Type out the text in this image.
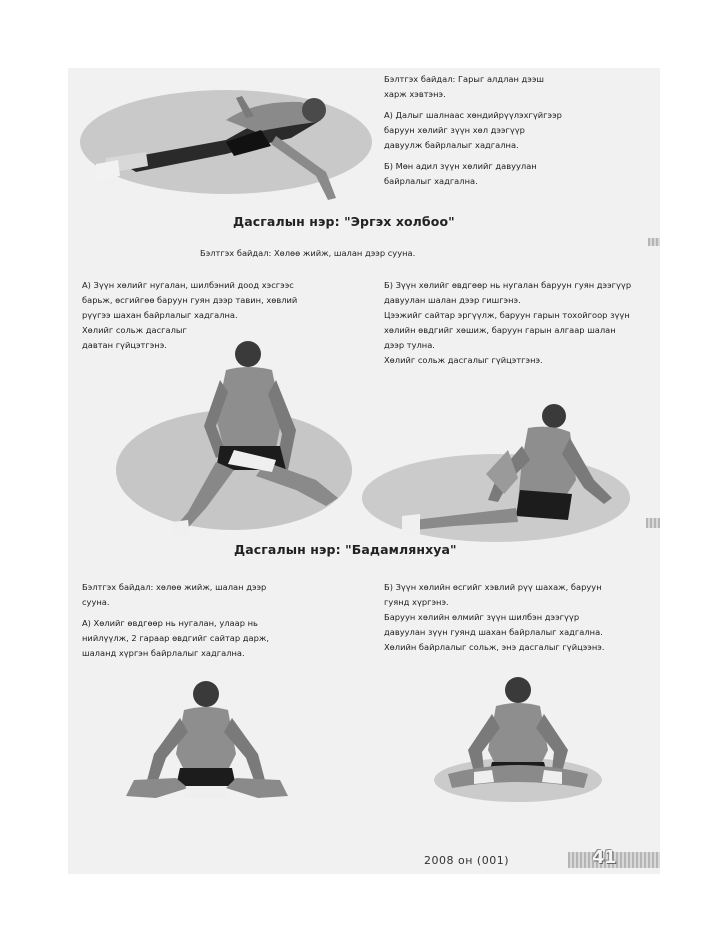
Бэлтгэх байдал: Гарыг алдлан дээш харж хэвтэнэ.

А) Далыг шалнаас хөндийрүүлэхгүйгээр баруун хөлийг зүүн хөл дээгүүр давуулж байрлалыг хадгална.

Б) Мөн адил зүүн хөлийг давуулан байрлалыг хадгална.

Дасгалын нэр: "Эргэх холбоо"
Бэлтгэх байдал: Хөлөө жийж, шалан дээр сууна.

А) Зүүн хөлийг нугалан, шилбэний доод хэсгээс барьж, өсгийгөө баруун гуян дээр тавин, хөвлий рүүгээ шахан байрлалыг хадгална.

Хөлийг сольж дасгалыг давтан гүйцэтгэнэ.

Б) Зүүн хөлийг өвдгөөр нь нугалан баруун гуян дээгүүр давуулан шалан дээр гишгэнэ.

Цээжийг сайтар эргүүлж, баруун гарын тохойгоор зүүн хөлийн өвдгийг хөшиж, баруун гарын алгаар шалан дээр тулна.

Хөлийг сольж дасгалыг гүйцэтгэнэ.

Дасгалын нэр: "Бадамлянхуа"

Бэлтгэх байдал: хөлөө жийж, шалан дээр сууна.

А) Хөлийг өвдгөөр нь нугалан, улаар нь нийлүүлж, 2 гараар өвдгийг сайтар дарж, шаланд хүргэн байрлалыг хадгална.

Б) Зүүн хөлийн өсгийг хэвлий рүү шахаж, баруун гуянд хүргэнэ.

Баруун хөлийн өлмийг зүүн шилбэн дээгүүр давуулан зүүн гуянд шахан байрлалыг хадгална. Хөлийн байрлалыг сольж, энэ дасгалыг гүйцээнэ.

2008 он (001)	41
